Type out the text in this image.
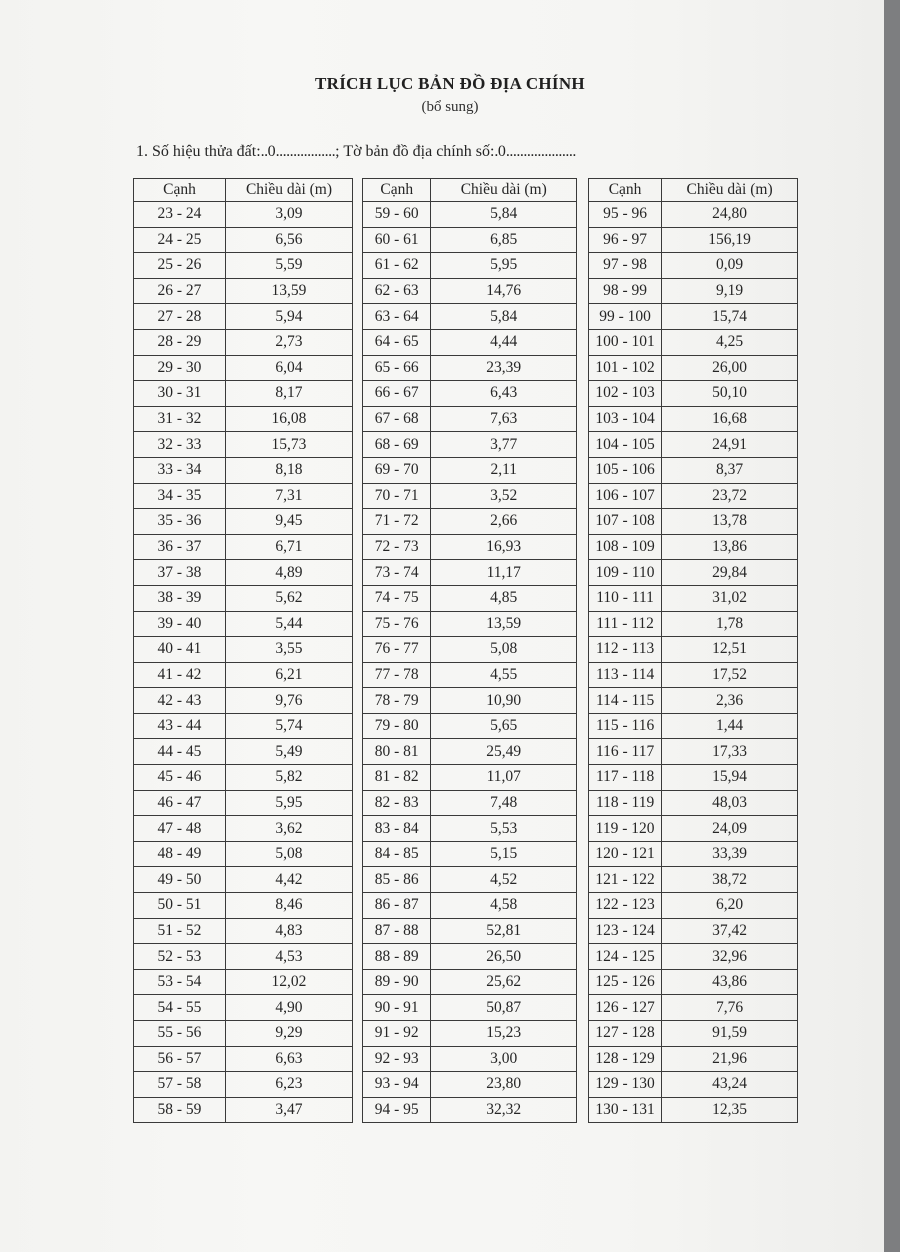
TRÍCH LỤC BẢN ĐỒ ĐỊA CHÍNH
(bổ sung)
1. Số hiệu thửa đất:..0.................; Tờ bản đồ địa chính số:.0....................
Cạnh	Chiều dài (m)
23 - 24	3,09
24 - 25	6,56
25 - 26	5,59
26 - 27	13,59
27 - 28	5,94
28 - 29	2,73
29 - 30	6,04
30 - 31	8,17
31 - 32	16,08
32 - 33	15,73
33 - 34	8,18
34 - 35	7,31
35 - 36	9,45
36 - 37	6,71
37 - 38	4,89
38 - 39	5,62
39 - 40	5,44
40 - 41	3,55
41 - 42	6,21
42 - 43	9,76
43 - 44	5,74
44 - 45	5,49
45 - 46	5,82
46 - 47	5,95
47 - 48	3,62
48 - 49	5,08
49 - 50	4,42
50 - 51	8,46
51 - 52	4,83
52 - 53	4,53
53 - 54	12,02
54 - 55	4,90
55 - 56	9,29
56 - 57	6,63
57 - 58	6,23
58 - 59	3,47
Cạnh	Chiều dài (m)
59 - 60	5,84
60 - 61	6,85
61 - 62	5,95
62 - 63	14,76
63 - 64	5,84
64 - 65	4,44
65 - 66	23,39
66 - 67	6,43
67 - 68	7,63
68 - 69	3,77
69 - 70	2,11
70 - 71	3,52
71 - 72	2,66
72 - 73	16,93
73 - 74	11,17
74 - 75	4,85
75 - 76	13,59
76 - 77	5,08
77 - 78	4,55
78 - 79	10,90
79 - 80	5,65
80 - 81	25,49
81 - 82	11,07
82 - 83	7,48
83 - 84	5,53
84 - 85	5,15
85 - 86	4,52
86 - 87	4,58
87 - 88	52,81
88 - 89	26,50
89 - 90	25,62
90 - 91	50,87
91 - 92	15,23
92 - 93	3,00
93 - 94	23,80
94 - 95	32,32
Cạnh	Chiều dài (m)
95 - 96	24,80
96 - 97	156,19
97 - 98	0,09
98 - 99	9,19
99 - 100	15,74
100 - 101	4,25
101 - 102	26,00
102 - 103	50,10
103 - 104	16,68
104 - 105	24,91
105 - 106	8,37
106 - 107	23,72
107 - 108	13,78
108 - 109	13,86
109 - 110	29,84
110 - 111	31,02
111 - 112	1,78
112 - 113	12,51
113 - 114	17,52
114 - 115	2,36
115 - 116	1,44
116 - 117	17,33
117 - 118	15,94
118 - 119	48,03
119 - 120	24,09
120 - 121	33,39
121 - 122	38,72
122 - 123	6,20
123 - 124	37,42
124 - 125	32,96
125 - 126	43,86
126 - 127	7,76
127 - 128	91,59
128 - 129	21,96
129 - 130	43,24
130 - 131	12,35
